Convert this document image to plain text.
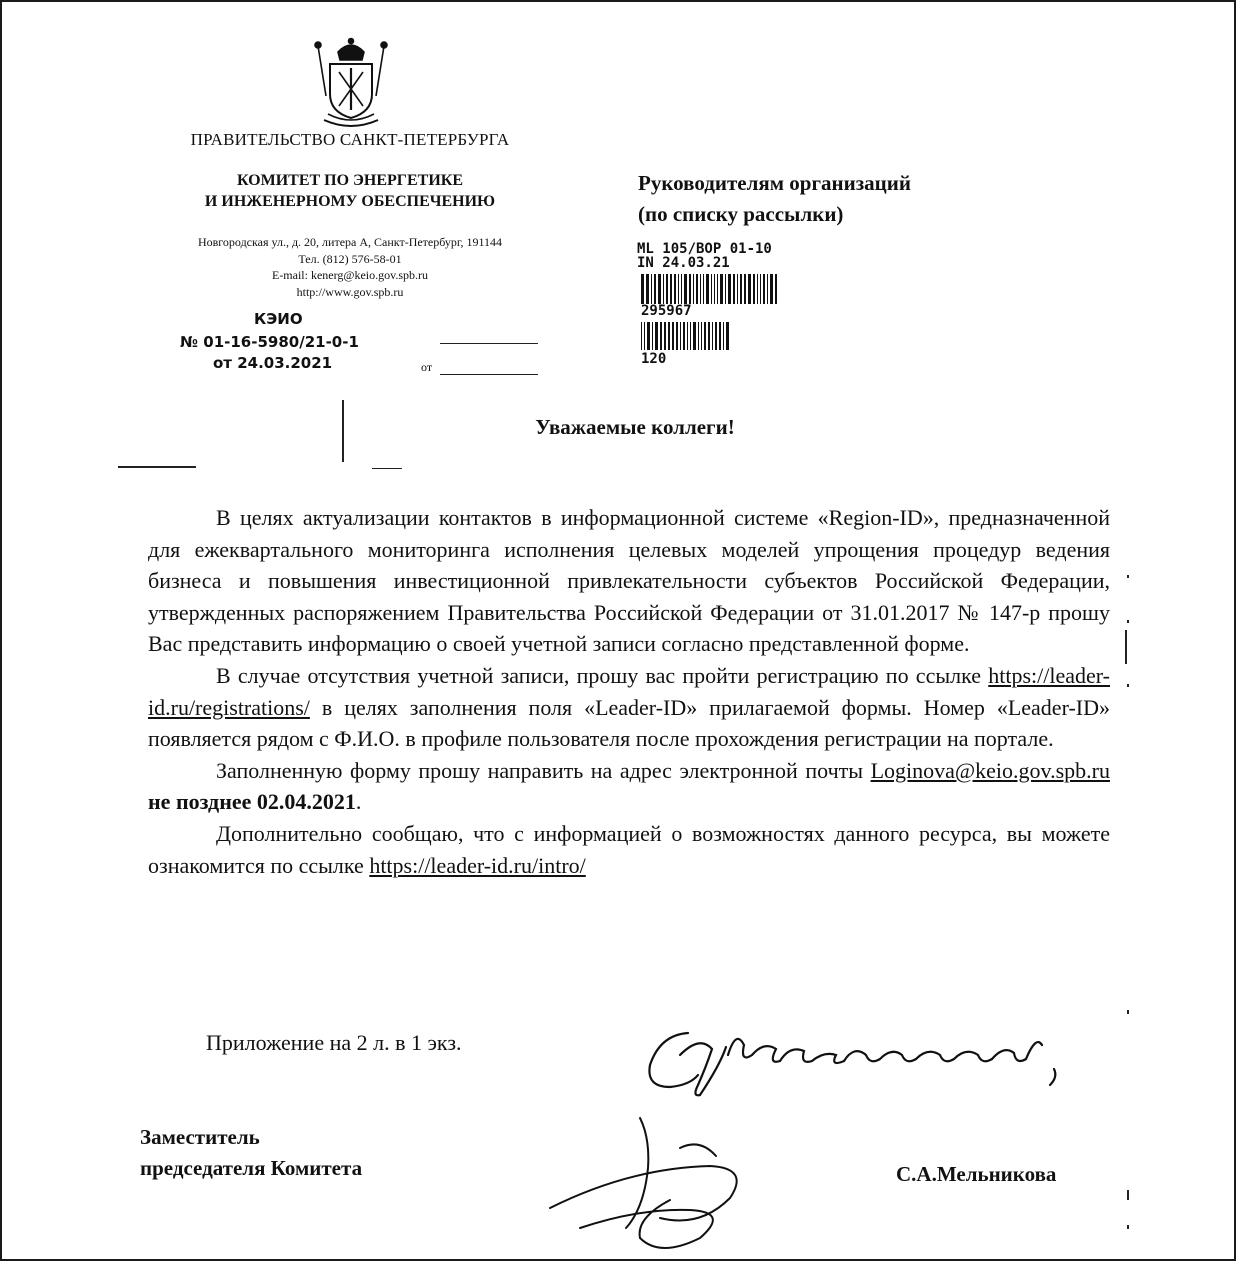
ПРАВИТЕЛЬСТВО САНКТ-ПЕТЕРБУРГА
КОМИТЕТ ПО ЭНЕРГЕТИКЕ
И ИНЖЕНЕРНОМУ ОБЕСПЕЧЕНИЮ
Новгородская ул., д. 20, литера А, Санкт-Петербург, 191144
Тел. (812) 576-58-01
E-mail: kenerg@keio.gov.spb.ru
http://www.gov.spb.ru
КЭИО
№ 01-16-5980/21-0-1
от 24.03.2021	от
Руководителям организаций
(по списку рассылки)
ML 105/BOP 01-10
IN 24.03.21
295967
120
Уважаемые коллеги!

В целях актуализации контактов в информационной системе «Region-ID», предназначенной для ежеквартального мониторинга исполнения целевых моделей упрощения процедур ведения бизнеса и повышения инвестиционной привлекательности субъектов Российской Федерации, утвержденных распоряжением Правительства Российской Федерации от 31.01.2017 № 147-р прошу Вас представить информацию о своей учетной записи согласно представленной форме.

В случае отсутствия учетной записи, прошу вас пройти регистрацию по ссылке https://leader-id.ru/registrations/ в целях заполнения поля «Leader-ID» прилагаемой формы. Номер «Leader-ID» появляется рядом с Ф.И.О. в профиле пользователя после прохождения регистрации на портале.

Заполненную форму прошу направить на адрес электронной почты Loginova@keio.gov.spb.ru не позднее 02.04.2021.

Дополнительно сообщаю, что с информацией о возможностях данного ресурса, вы можете ознакомится по ссылке https://leader-id.ru/intro/

Приложение на 2 л. в 1 экз.
Заместитель
председателя Комитета	С.А.Мельникова
